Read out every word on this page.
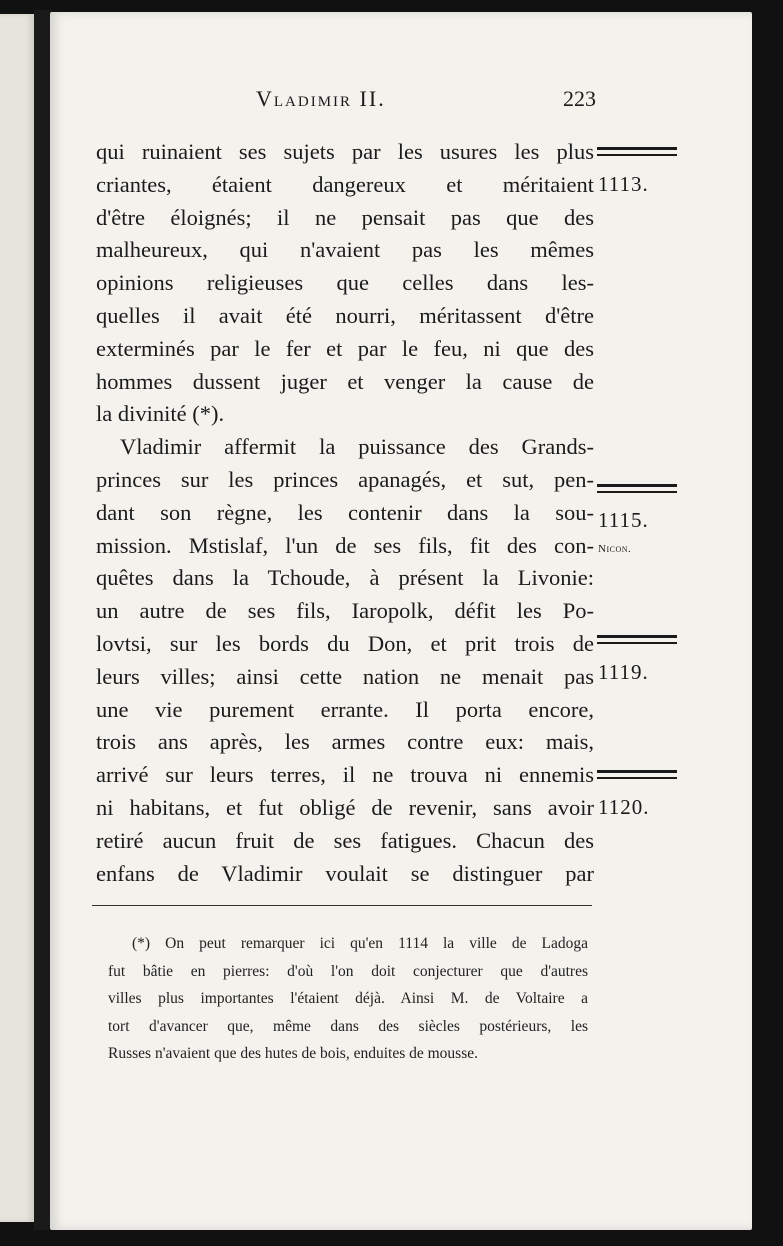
Vladimir II.	223
qui ruinaient ses sujets par les usures les plus
criantes, étaient dangereux et méritaient
d'être éloignés; il ne pensait pas que des
malheureux, qui n'avaient pas les mêmes
opinions religieuses que celles dans les-
quelles il avait été nourri, méritassent d'être
exterminés par le fer et par le feu, ni que des
hommes dussent juger et venger la cause de
la divinité (*).
Vladimir affermit la puissance des Grands-
princes sur les princes apanagés, et sut, pen-
dant son règne, les contenir dans la sou-
mission. Mstislaf, l'un de ses fils, fit des con-
quêtes dans la Tchoude, à présent la Livonie:
un autre de ses fils, Iaropolk, défit les Po-
lovtsi, sur les bords du Don, et prit trois de
leurs villes; ainsi cette nation ne menait pas
une vie purement errante. Il porta encore,
trois ans après, les armes contre eux: mais,
arrivé sur leurs terres, il ne trouva ni ennemis
ni habitans, et fut obligé de revenir, sans avoir
retiré aucun fruit de ses fatigues. Chacun des
enfans de Vladimir voulait se distinguer par
1113.
1115.
Nicon.
1119.
1120.
(*) On peut remarquer ici qu'en 1114 la ville de Ladoga
fut bâtie en pierres: d'où l'on doit conjecturer que d'autres
villes plus importantes l'étaient déjà. Ainsi M. de Voltaire a
tort d'avancer que, même dans des siècles postérieurs, les
Russes n'avaient que des hutes de bois, enduites de mousse.
